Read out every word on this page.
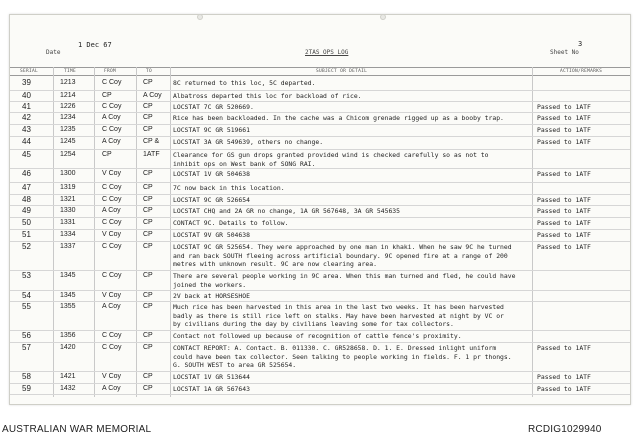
Date
1 Dec 67
2TAS OPS LOG	Sheet No
3
SERIAL	TIME	FROM	TO	SUBJECT OR DETAIL	ACTION/REMARKS
39	1213	C Coy	CP	8C returned to this loc, 5C departed.
40	1214	CP	A Coy	Albatross departed this loc for backload of rice.
41	1226	C Coy	CP	LOCSTAT 7C GR 520669.	Passed to 1ATF
42	1234	A Coy	CP	Rice has been backloaded. In the cache was a Chicom grenade rigged up as a booby trap.	Passed to 1ATF
43	1235	C Coy	CP	LOCSTAT 9C GR 519661	Passed to 1ATF
44	1245	A Coy	CP &	LOCSTAT 3A GR 549639, others no change.	Passed to 1ATF
45	1254	CP	1ATF	Clearance for GS gun drops granted provided wind is checked carefully so as not to
inhibit ops on West bank of SONG RAI.
46	1300	V Coy	CP	LOCSTAT 1V GR 504638	Passed to 1ATF
47	1319	C Coy	CP	7C now back in this location.
48	1321	C Coy	CP	LOCSTAT 9C GR 526654	Passed to 1ATF
49	1330	A Coy	CP	LOCSTAT CHQ and 2A GR no change, 1A GR 567648, 3A GR 545635	Passed to 1ATF
50	1331	C Coy	CP	CONTACT 9C. Details to follow.	Passed to 1ATF
51	1334	V Coy	CP	LOCSTAT 9V GR 504638	Passed to 1ATF
52	1337	C Coy	CP	LOCSTAT 9C GR 525654. They were approached by one man in khaki. When he saw 9C he turned
and ran back SOUTH fleeing across artificial boundary. 9C opened fire at a range of 200
metres with unknown result. 9C are now clearing area.
Passed to 1ATF
53	1345	C Coy	CP	There are several people working in 9C area. When this man turned and fled, he could have
joined the workers.
54	1345	V Coy	CP	2V back at HORSESHOE
55	1355	A Coy	CP	Much rice has been harvested in this area in the last two weeks. It has been harvested
badly as there is still rice left on stalks. May have been harvested at night by VC or
by civilians during the day by civilians leaving some for tax collectors.
56	1356	C Coy	CP	Contact not followed up because of recognition of cattle fence's proximity.
57	1420	C Coy	CP	CONTACT REPORT: A. Contact. B. 011330. C. GR528658. D. 1. E. Dressed inlight uniform
could have been tax collector. Seen talking to people working in fields. F. 1 pr thongs.
G. SOUTH WEST to area GR 525654.
Passed to 1ATF
58	1421	V Coy	CP	LOCSTAT 1V GR 513644	Passed to 1ATF
59	1432	A Coy	CP	LOCSTAT 1A GR 567643	Passed to 1ATF
AUSTRALIAN WAR MEMORIAL	RCDIG1029940
